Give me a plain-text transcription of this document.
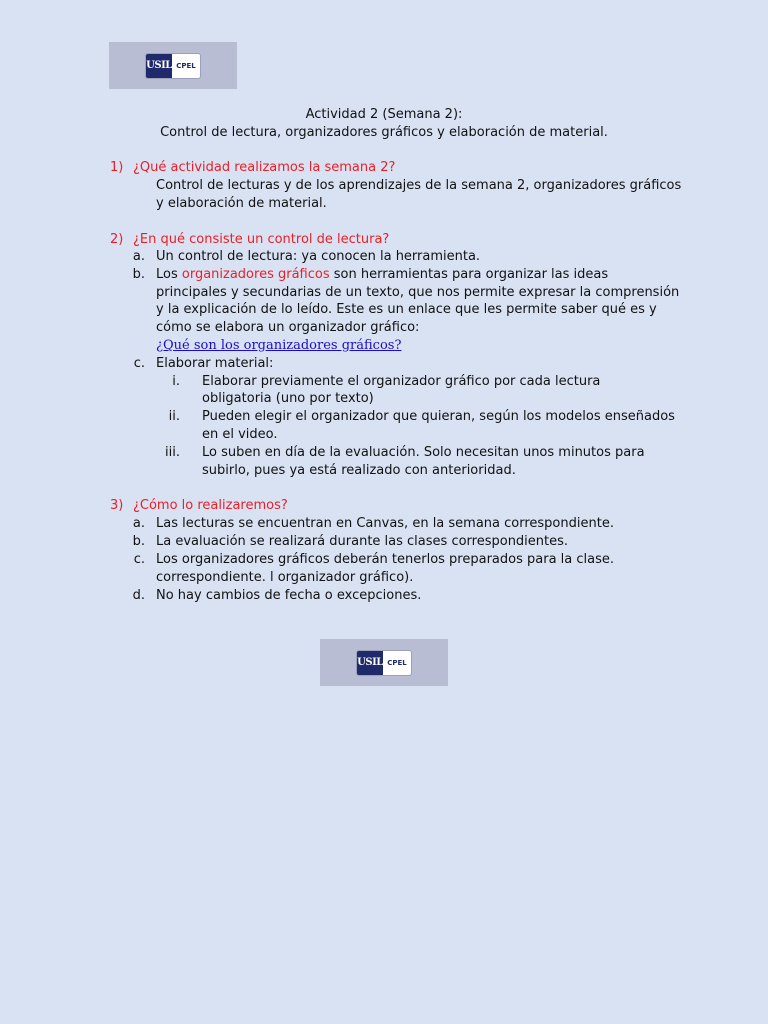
USIL CPEL
Actividad 2 (Semana 2):
Control de lectura, organizadores gráficos y elaboración de material.
1) ¿Qué actividad realizamos la semana 2?
Control de lecturas y de los aprendizajes de la semana 2, organizadores gráficos
y elaboración de material.
2) ¿En qué consiste un control de lectura?
a. Un control de lectura: ya conocen la herramienta.
b. Los organizadores gráficos son herramientas para organizar las ideas
principales y secundarias de un texto, que nos permite expresar la comprensión
y la explicación de lo leído. Este es un enlace que les permite saber qué es y
cómo se elabora un organizador gráfico:
¿Qué son los organizadores gráficos?
c. Elaborar material:
i. Elaborar previamente el organizador gráfico por cada lectura
obligatoria (uno por texto)
ii. Pueden elegir el organizador que quieran, según los modelos enseñados
en el video.
iii. Lo suben en día de la evaluación. Solo necesitan unos minutos para
subirlo, pues ya está realizado con anterioridad.
3) ¿Cómo lo realizaremos?
a. Las lecturas se encuentran en Canvas, en la semana correspondiente.
b. La evaluación se realizará durante las clases correspondientes.
c. Los organizadores gráficos deberán tenerlos preparados para la clase.
correspondiente. l organizador gráfico).
d. No hay cambios de fecha o excepciones.
USIL CPEL
